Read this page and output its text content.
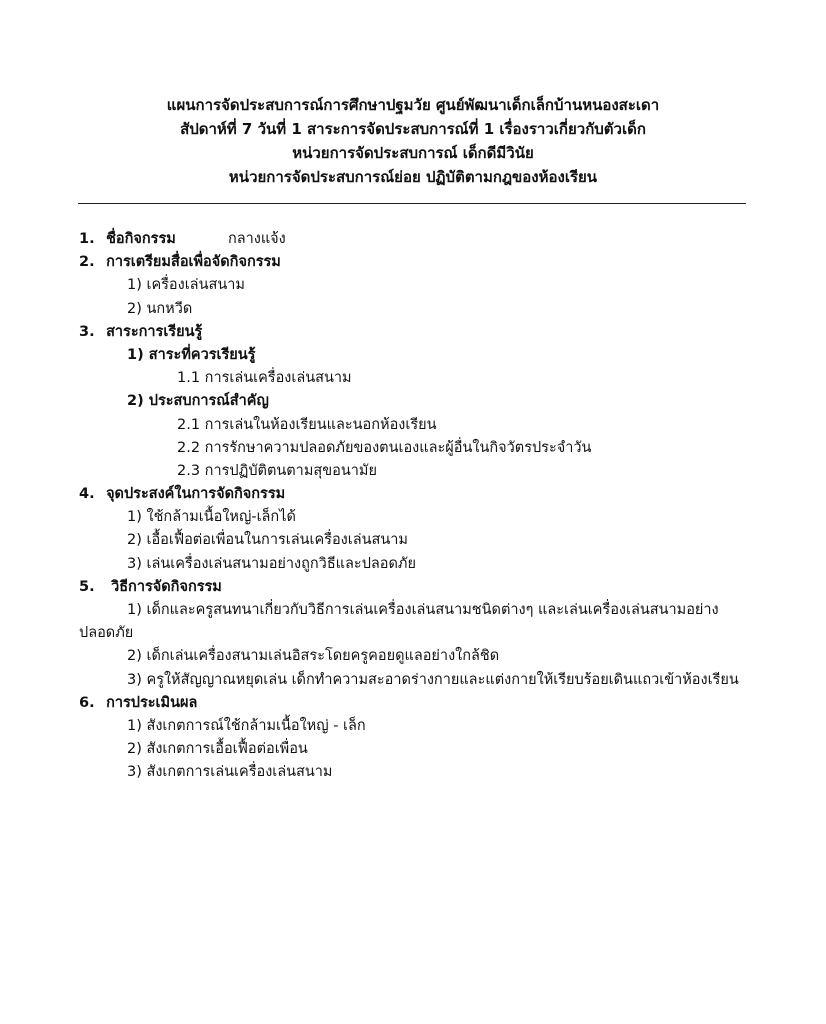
แผนการจัดประสบการณ์การศึกษาปฐมวัย ศูนย์พัฒนาเด็กเล็กบ้านหนองสะเดา
สัปดาห์ที่ 7 วันที่ 1 สาระการจัดประสบการณ์ที่ 1 เรื่องราวเกี่ยวกับตัวเด็ก
หน่วยการจัดประสบการณ์ เด็กดีมีวินัย
หน่วยการจัดประสบการณ์ย่อย ปฏิบัติตามกฎของห้องเรียน
1. ชื่อกิจกรรม	กลางแจ้ง
2. การเตรียมสื่อเพื่อจัดกิจกรรม
1) เครื่องเล่นสนาม
2) นกหวีด
3. สาระการเรียนรู้
1) สาระที่ควรเรียนรู้
1.1 การเล่นเครื่องเล่นสนาม
2) ประสบการณ์สำคัญ
2.1 การเล่นในห้องเรียนและนอกห้องเรียน
2.2 การรักษาความปลอดภัยของตนเองและผู้อื่นในกิจวัตรประจำวัน
2.3 การปฏิบัติตนตามสุขอนามัย
4. จุดประสงค์ในการจัดกิจกรรม
1) ใช้กล้ามเนื้อใหญ่-เล็กได้
2) เอื้อเฟื้อต่อเพื่อนในการเล่นเครื่องเล่นสนาม
3) เล่นเครื่องเล่นสนามอย่างถูกวิธีและปลอดภัย
5. วิธีการจัดกิจกรรม
1) เด็กและครูสนทนาเกี่ยวกับวิธีการเล่นเครื่องเล่นสนามชนิดต่างๆ และเล่นเครื่องเล่นสนามอย่างปลอดภัย
2) เด็กเล่นเครื่องสนามเล่นอิสระโดยครูคอยดูแลอย่างใกล้ชิด
3) ครูให้สัญญาณหยุดเล่น เด็กทำความสะอาดร่างกายและแต่งกายให้เรียบร้อยเดินแถวเข้าห้องเรียน
6. การประเมินผล
1) สังเกตการณ์ใช้กล้ามเนื้อใหญ่ - เล็ก
2) สังเกตการเอื้อเฟื้อต่อเพื่อน
3) สังเกตการเล่นเครื่องเล่นสนาม
